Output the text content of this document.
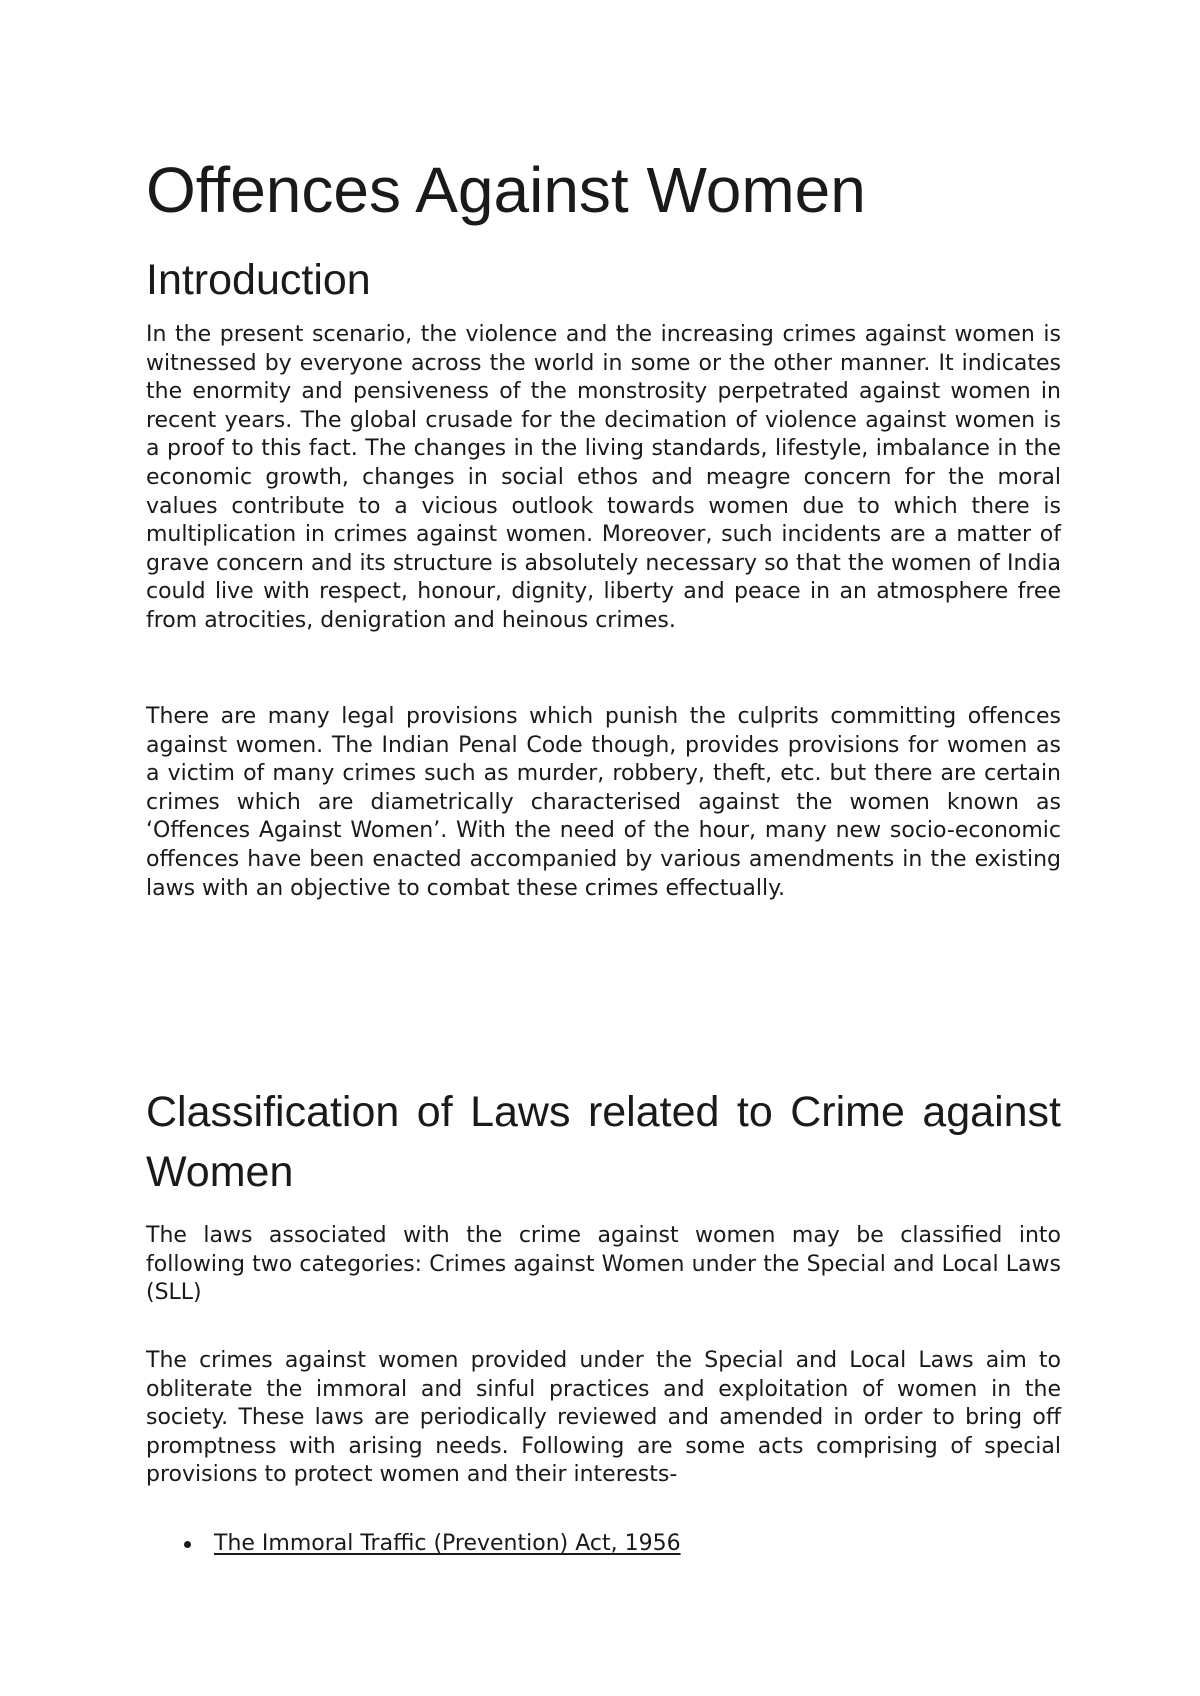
Offences Against Women
Introduction

In the present scenario, the violence and the increasing crimes against women is witnessed by everyone across the world in some or the other manner. It indicates the enormity and pensiveness of the monstrosity perpetrated against women in recent years. The global crusade for the decimation of violence against women is a proof to this fact. The changes in the living standards, lifestyle, imbalance in the economic growth, changes in social ethos and meagre concern for the moral values contribute to a vicious outlook towards women due to which there is multiplication in crimes against women. Moreover, such incidents are a matter of grave concern and its structure is absolutely necessary so that the women of India could live with respect, honour, dignity, liberty and peace in an atmosphere free from atrocities, denigration and heinous crimes.

There are many legal provisions which punish the culprits committing offences against women. The Indian Penal Code though, provides provisions for women as a victim of many crimes such as murder, robbery, theft, etc. but there are certain crimes which are diametrically characterised against the women known as ‘Offences Against Women’. With the need of the hour, many new socio-economic offences have been enacted accompanied by various amendments in the existing laws with an objective to combat these crimes effectually.

Classification of Laws related to Crime against Women

The laws associated with the crime against women may be classified into following two categories: Crimes against Women under the Special and Local Laws (SLL)

The crimes against women provided under the Special and Local Laws aim to obliterate the immoral and sinful practices and exploitation of women in the society. These laws are periodically reviewed and amended in order to bring off promptness with arising needs. Following are some acts comprising of special provisions to protect women and their interests-

The Immoral Traffic (Prevention) Act, 1956
